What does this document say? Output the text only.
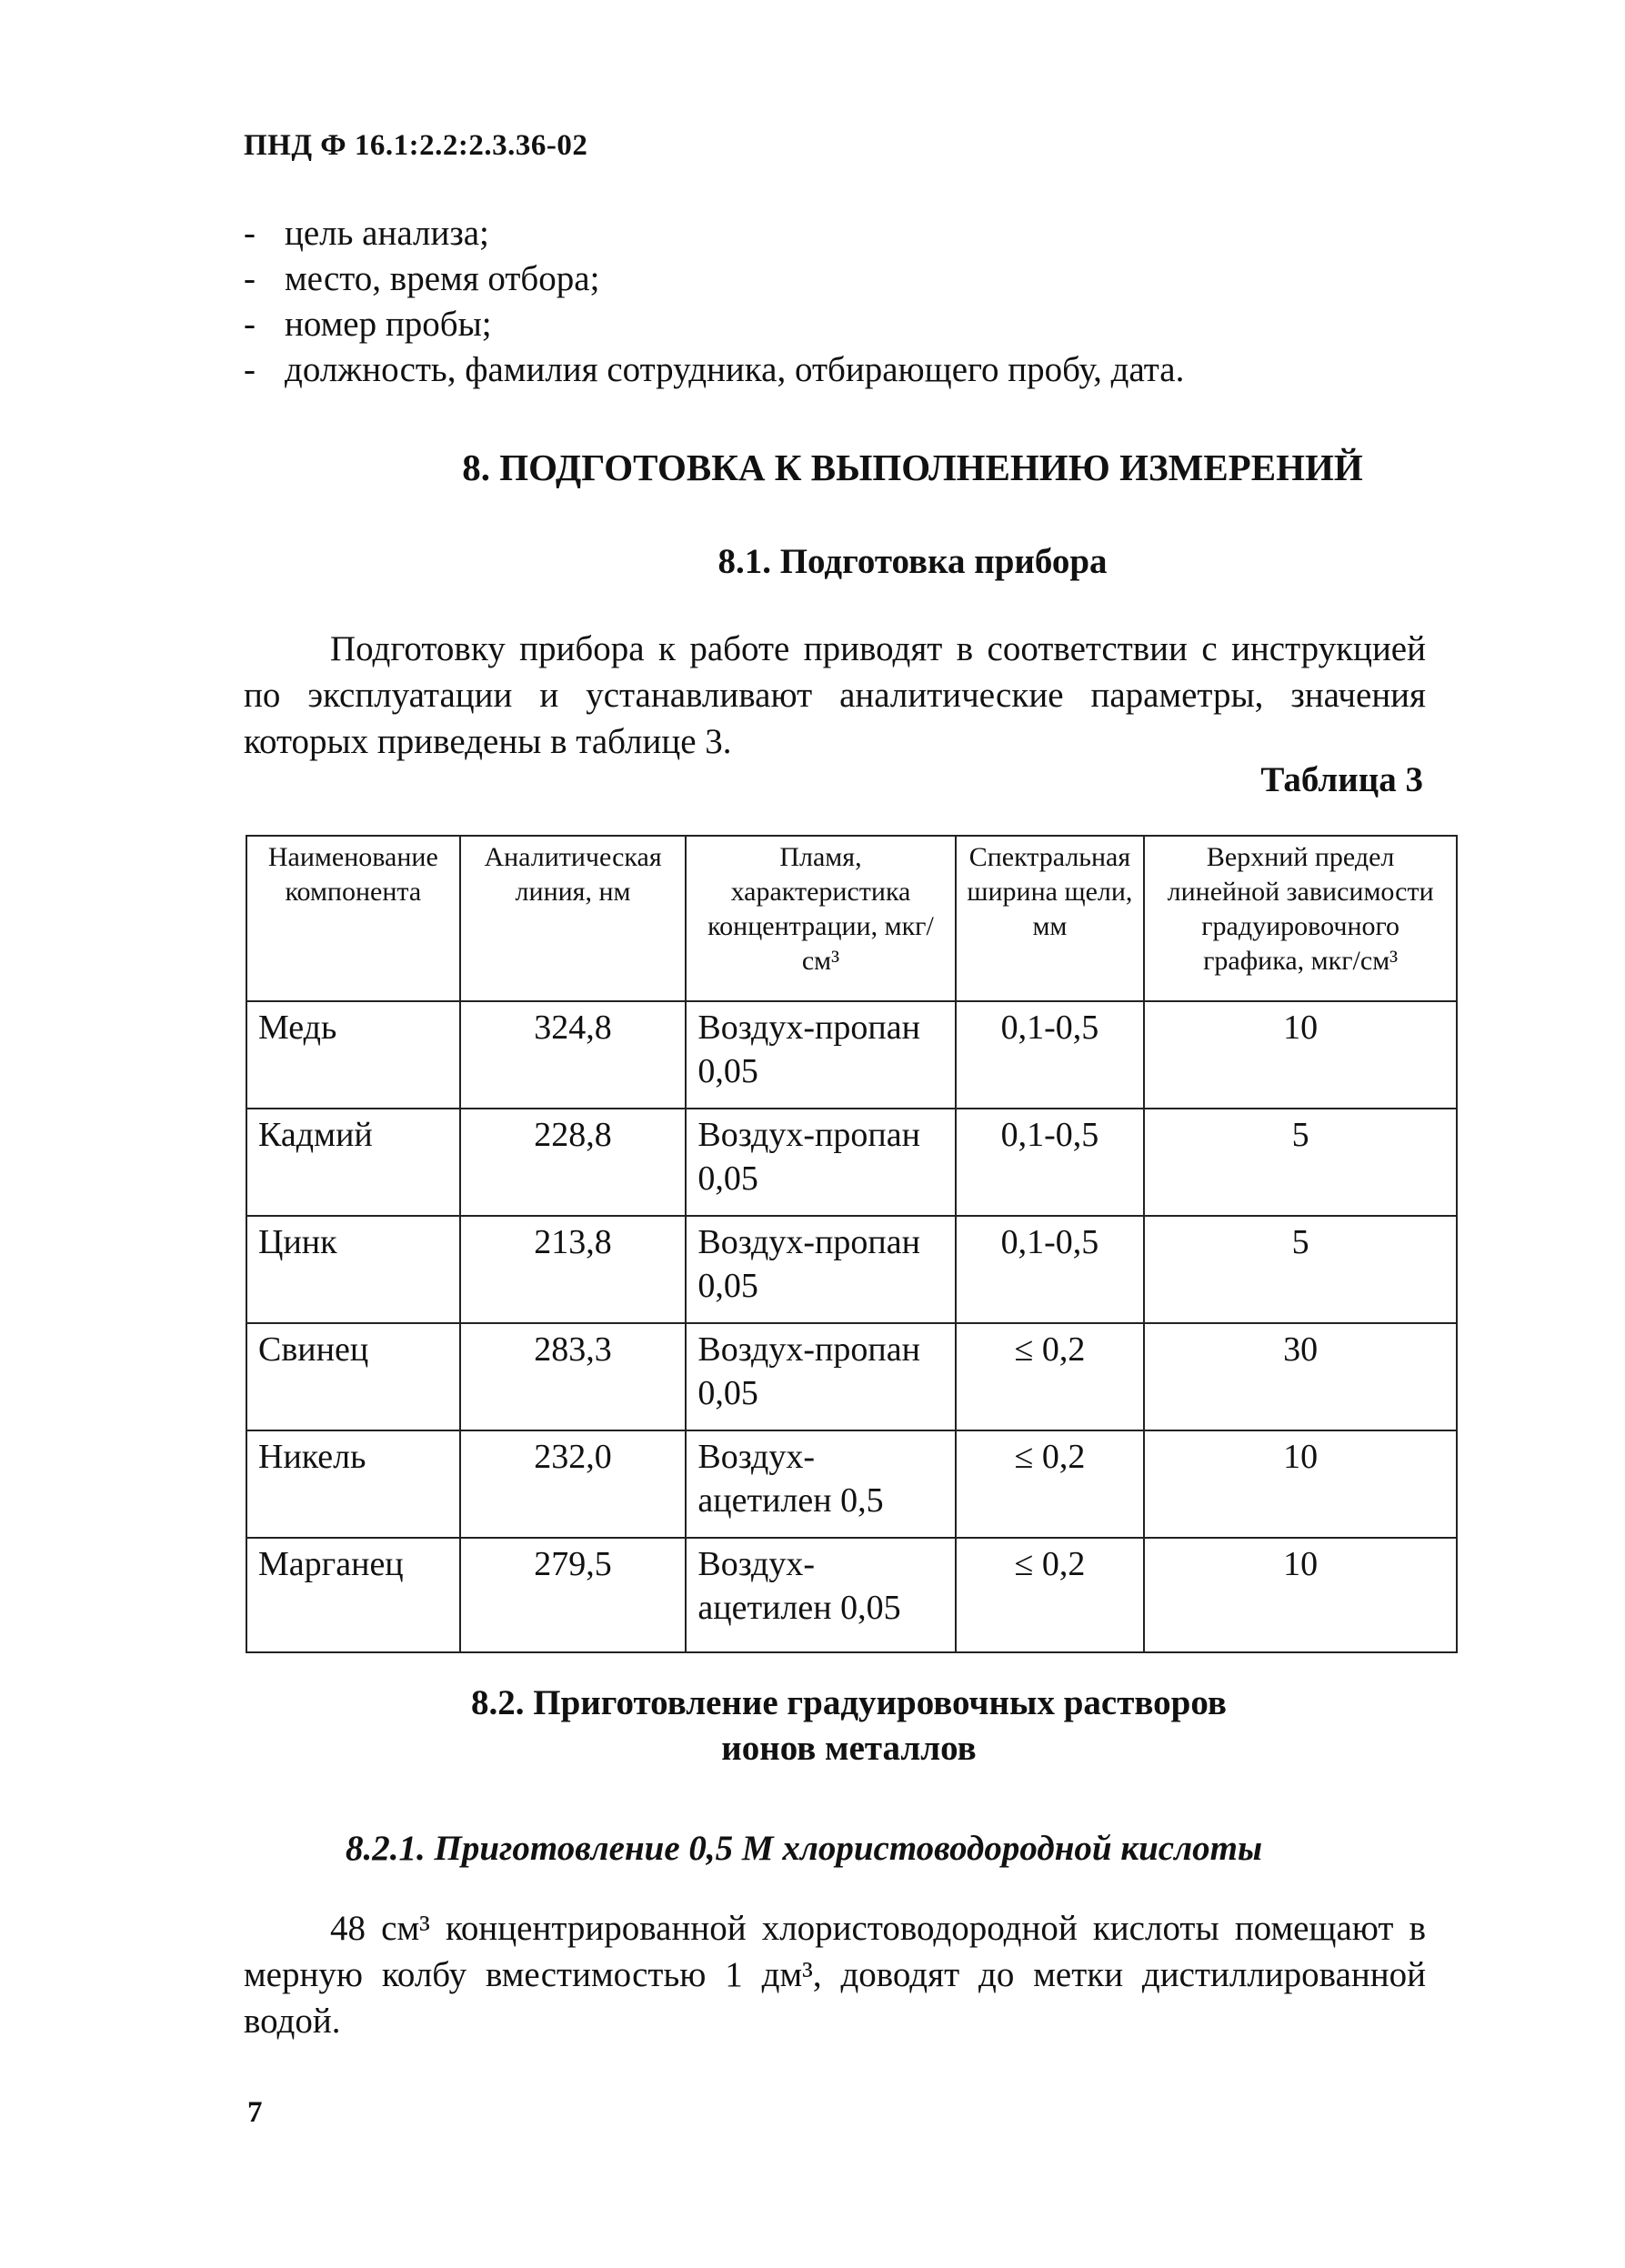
ПНД Ф 16.1:2.2:2.3.36-02
- цель анализа;
- место, время отбора;
- номер пробы;
- должность, фамилия сотрудника, отбирающего пробу, дата.
8. ПОДГОТОВКА К ВЫПОЛНЕНИЮ ИЗМЕРЕНИЙ
8.1. Подготовка прибора

Подготовку прибора к работе приводят в соответствии с инструкцией по эксплуатации и устанавливают аналитические параметры, значения которых приведены в таблице 3.

Таблица 3
Наименование компонента	Аналитическая линия, нм	Пламя, характеристика концентрации, мкг/см³	Спектральная ширина щели, мм	Верхний предел линейной зависимости градуировочного графика, мкг/см³
Медь	324,8	Воздух-пропан 0,05	0,1-0,5	10
Кадмий	228,8	Воздух-пропан 0,05	0,1-0,5	5
Цинк	213,8	Воздух-пропан 0,05	0,1-0,5	5
Свинец	283,3	Воздух-пропан 0,05	≤ 0,2	30
Никель	232,0	Воздух-ацетилен 0,5	≤ 0,2	10
Марганец	279,5	Воздух-ацетилен 0,05	≤ 0,2	10
8.2. Приготовление градуировочных растворов
ионов металлов
8.2.1. Приготовление 0,5 М хлористоводородной кислоты

48 см³ концентрированной хлористоводородной кислоты помещают в мерную колбу вместимостью 1 дм³, доводят до метки дистиллированной водой.

7
